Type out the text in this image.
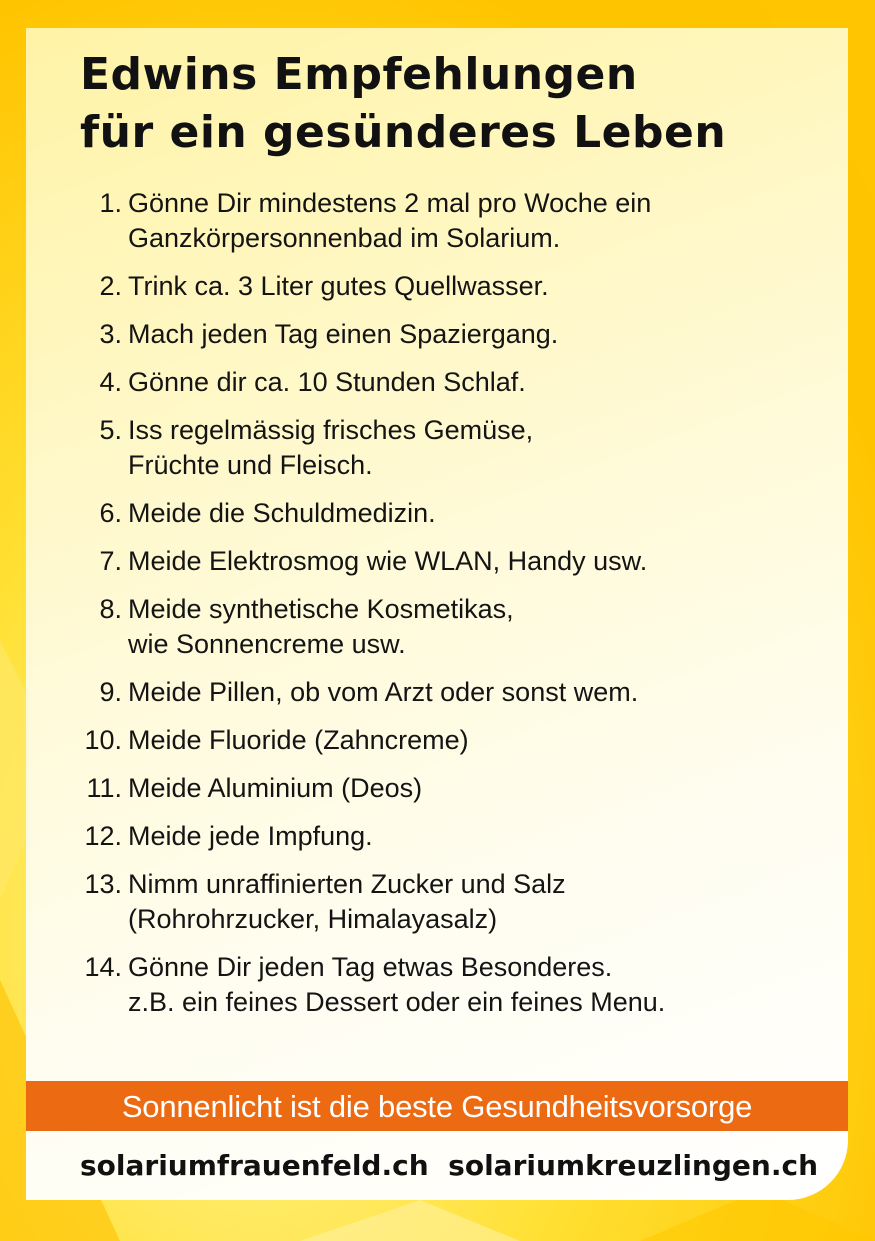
Edwins Empfehlungen
für ein gesünderes Leben
1. Gönne Dir mindestens 2 mal pro Woche ein
Ganzkörpersonnenbad im Solarium.
2. Trink ca. 3 Liter gutes Quellwasser.
3. Mach jeden Tag einen Spaziergang.
4. Gönne dir ca. 10 Stunden Schlaf.
5. Iss regelmässig frisches Gemüse,
Früchte und Fleisch.
6. Meide die Schuldmedizin.
7. Meide Elektrosmog wie WLAN, Handy usw.
8. Meide synthetische Kosmetikas,
wie Sonnencreme usw.
9. Meide Pillen, ob vom Arzt oder sonst wem.
10. Meide Fluoride (Zahncreme)
11. Meide Aluminium (Deos)
12. Meide jede Impfung.
13. Nimm unraffinierten Zucker und Salz
(Rohrohrzucker, Himalayasalz)
14. Gönne Dir jeden Tag etwas Besonderes.
z.B. ein feines Dessert oder ein feines Menu.
Sonnenlicht ist die beste Gesundheitsvorsorge
solariumfrauenfeld.ch solariumkreuzlingen.ch
